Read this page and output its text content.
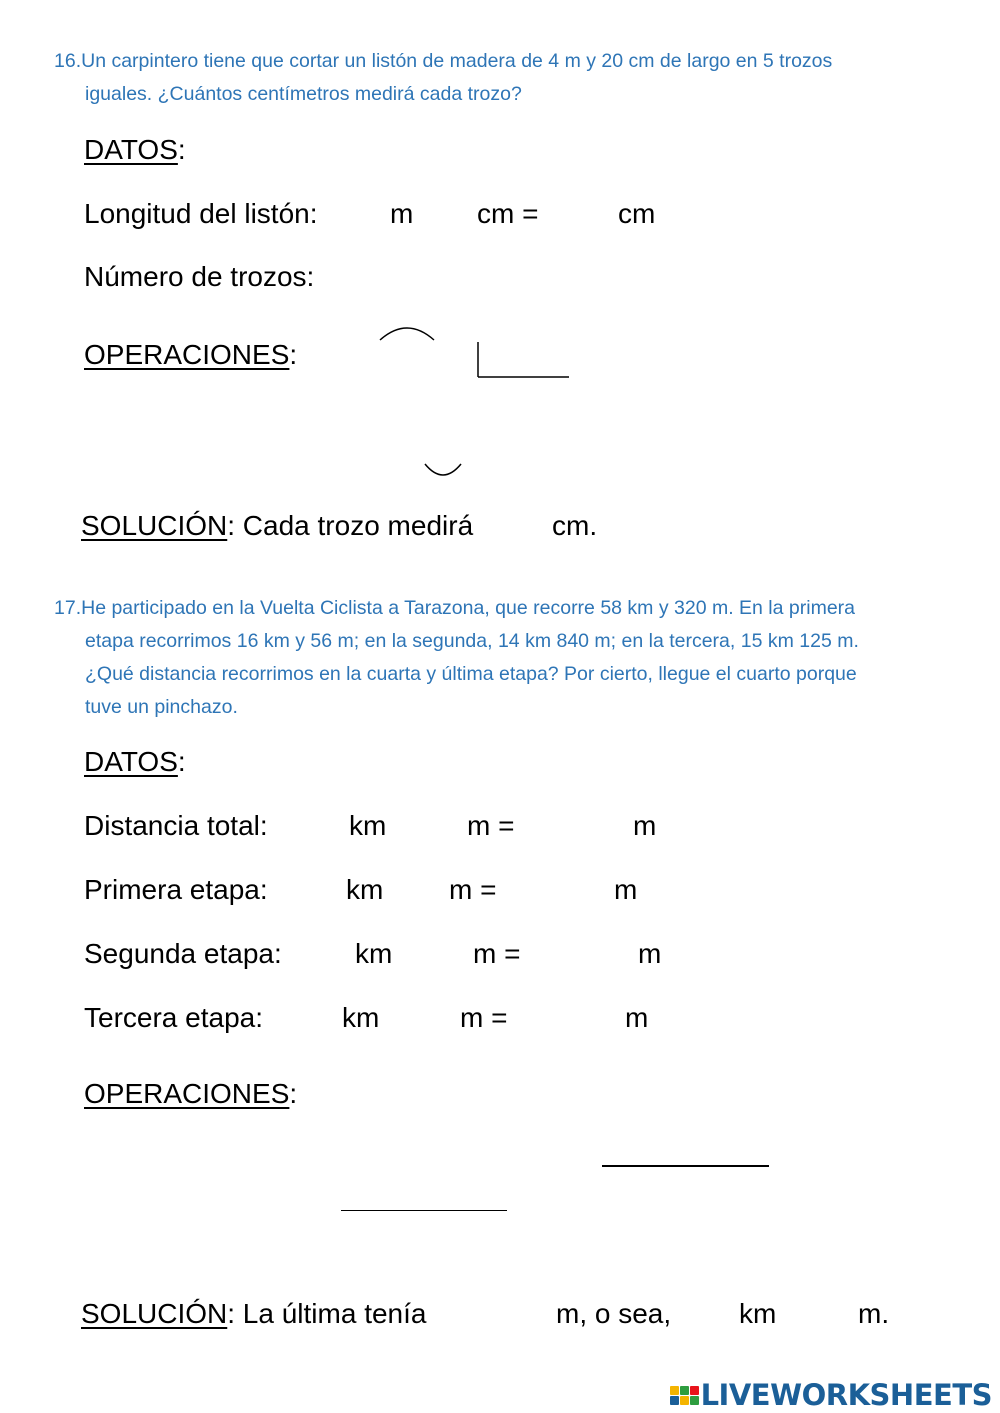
16.Un carpintero tiene que cortar un listón de madera de 4 m y 20 cm de largo en 5 trozos
iguales. ¿Cuántos centímetros medirá cada trozo?
DATOS:
Longitud del listón:	m cm =	cm
Número de trozos:
OPERACIONES:
SOLUCIÓN: Cada trozo medirá	cm.
17.He participado en la Vuelta Ciclista a Tarazona, que recorre 58 km y 320 m. En la primera
etapa recorrimos 16 km y 56 m; en la segunda, 14 km 840 m; en la tercera, 15 km 125 m.
¿Qué distancia recorrimos en la cuarta y última etapa? Por cierto, llegue el cuarto porque
tuve un pinchazo.
DATOS:
Distancia total:	km	m =	m
Primera etapa:	km m =	m
Segunda etapa:	km	m =	m
Tercera etapa:	km	m =	m
OPERACIONES:
SOLUCIÓN: La última tenía	m, o sea, km	m.
LIVEWORKSHEETS
